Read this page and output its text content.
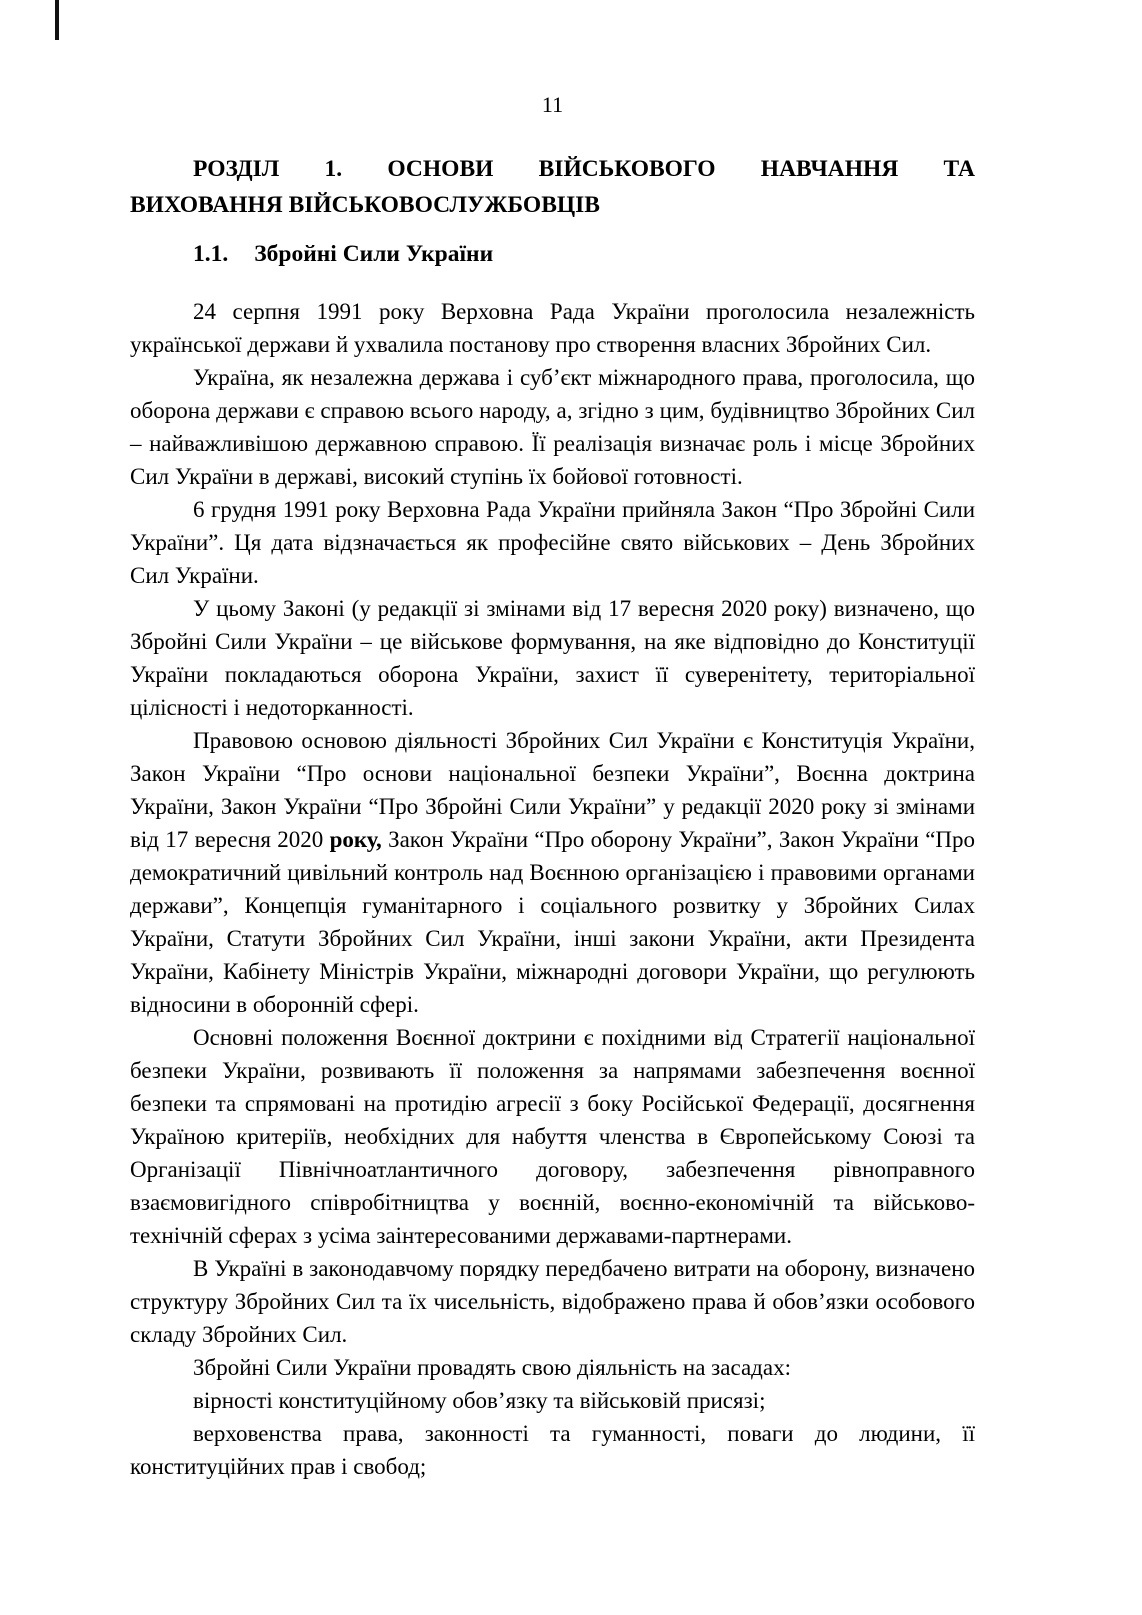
11
РОЗДІЛ 1. ОСНОВИ ВІЙСЬКОВОГО НАВЧАННЯ ТА
ВИХОВАННЯ ВІЙСЬКОВОСЛУЖБОВЦІВ
1.1. Збройні Сили України

24 серпня 1991 року Верховна Рада України проголосила незалежність української держави й ухвалила постанову про створення власних Збройних Сил.

Україна, як незалежна держава і суб’єкт міжнародного права, проголосила, що оборона держави є справою всього народу, а, згідно з цим, будівництво Збройних Сил – найважливішою державною справою. Її реалізація визначає роль і місце Збройних Сил України в державі, високий ступінь їх бойової готовності.

6 грудня 1991 року Верховна Рада України прийняла Закон “Про Збройні Сили України”. Ця дата відзначається як професійне свято військових – День Збройних Сил України.

У цьому Законі (у редакції зі змінами від 17 вересня 2020 року) визначено, що Збройні Сили України – це військове формування, на яке відповідно до Конституції України покладаються оборона України, захист її суверенітету, територіальної цілісності і недоторканності.

Правовою основою діяльності Збройних Сил України є Конституція України, Закон України “Про основи національної безпеки України”, Воєнна доктрина України, Закон України “Про Збройні Сили України” у редакції 2020 року зі змінами від 17 вересня 2020 року, Закон України “Про оборону України”, Закон України “Про демократичний цивільний контроль над Воєнною організацією і правовими органами держави”, Концепція гуманітарного і соціального розвитку у Збройних Силах України, Статути Збройних Сил України, інші закони України, акти Президента України, Кабінету Міністрів України, міжнародні договори України, що регулюють відносини в оборонній сфері.

Основні положення Воєнної доктрини є похідними від Стратегії національної безпеки України, розвивають її положення за напрямами забезпечення воєнної безпеки та спрямовані на протидію агресії з боку Російської Федерації, досягнення Україною критеріїв, необхідних для набуття членства в Європейському Союзі та Організації Північноатлантичного договору, забезпечення рівноправного взаємовигідного співробітництва у воєнній, воєнно-економічній та військово-технічній сферах з усіма заінтересованими державами-партнерами.

В Україні в законодавчому порядку передбачено витрати на оборону, визначено структуру Збройних Сил та їх чисельність, відображено права й обов’язки особового складу Збройних Сил.

Збройні Сили України провадять свою діяльність на засадах:

вірності конституційному обов’язку та військовій присязі;

верховенства права, законності та гуманності, поваги до людини, її конституційних прав і свобод;
